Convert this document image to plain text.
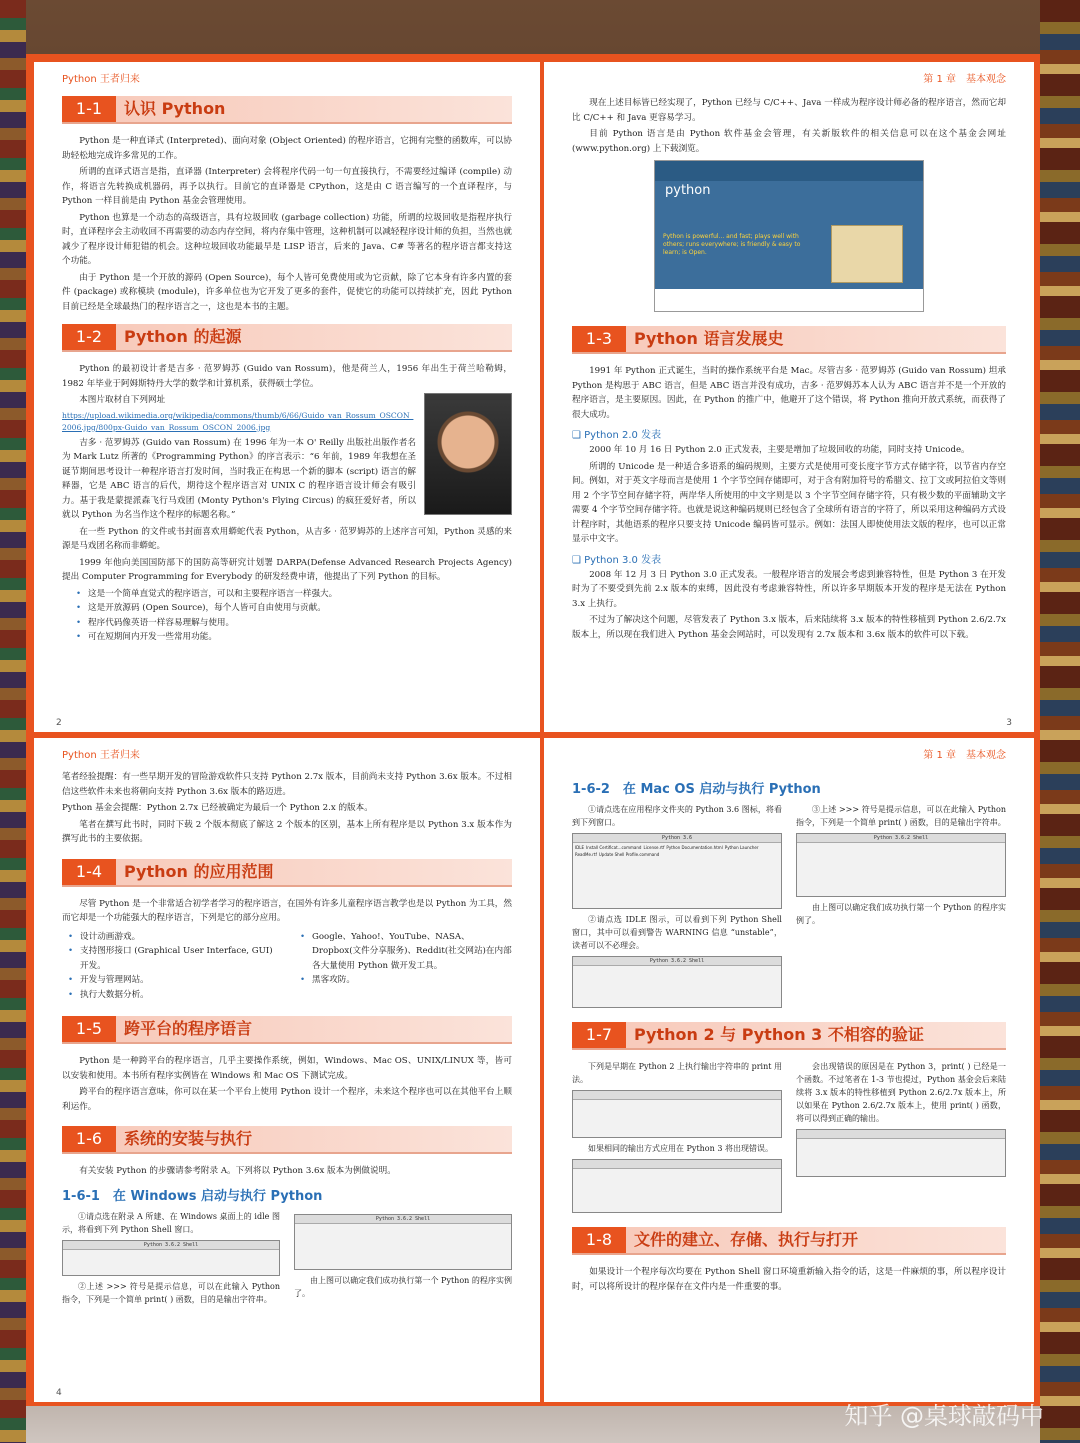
Python 王者归来
1-1	认识 Python

Python 是一种直译式 (Interpreted)、面向对象 (Object Oriented) 的程序语言，它拥有完整的函数库，可以协助轻松地完成许多常见的工作。

所谓的直译式语言是指，直译器 (Interpreter) 会将程序代码一句一句直接执行，不需要经过编译 (compile) 动作，将语言先转换成机器码，再予以执行。目前它的直译器是 CPython，这是由 C 语言编写的一个直译程序，与 Python 一样目前是由 Python 基金会管理使用。

Python 也算是一个动态的高级语言，具有垃圾回收 (garbage collection) 功能，所谓的垃圾回收是指程序执行时，直译程序会主动收回不再需要的动态内存空间，将内存集中管理，这种机制可以减轻程序设计师的负担，当然也就减少了程序设计师犯错的机会。这种垃圾回收功能最早是 LISP 语言，后来的 Java、C# 等著名的程序语言都支持这个功能。

由于 Python 是一个开放的源码 (Open Source)，每个人皆可免费使用或为它贡献，除了它本身有许多内置的套件 (package) 或称模块 (module)，许多单位也为它开发了更多的套件，促使它的功能可以持续扩充，因此 Python 目前已经是全球最热门的程序语言之一，这也是本书的主题。

1-2	Python 的起源

Python 的最初设计者是吉多 · 范罗姆苏 (Guido van Rossum)，他是荷兰人，1956 年出生于荷兰哈勒姆，1982 年毕业于阿姆斯特丹大学的数学和计算机系，获得硕士学位。

本图片取材自下列网址

https://upload.wikimedia.org/wikipedia/commons/thumb/6/66/Guido_van_Rossum_OSCON_2006.jpg/800px-Guido_van_Rossum_OSCON_2006.jpg

吉多 · 范罗姆苏 (Guido van Rossum) 在 1996 年为一本 O' Reilly 出版社出版作者名为 Mark Lutz 所著的《Programming Python》的序言表示：“6 年前，1989 年我想在圣诞节期间思考设计一种程序语言打发时间，当时我正在构思一个新的脚本 (script) 语言的解释器，它是 ABC 语言的后代，期待这个程序语言对 UNIX C 的程序语言设计师会有吸引力。基于我是蒙提派森飞行马戏团 (Monty Python's Flying Circus) 的疯狂爱好者，所以就以 Python 为名当作这个程序的标题名称。”

在一些 Python 的文件或书封面喜欢用蟒蛇代表 Python，从吉多 · 范罗姆苏的上述序言可知，Python 灵感的来源是马戏团名称而非蟒蛇。

1999 年他向美国国防部下的国防高等研究计划署 DARPA(Defense Advanced Research Projects Agency) 提出 Computer Programming for Everybody 的研发经费申请，他提出了下列 Python 的目标。

• 这是一个简单直觉式的程序语言，可以和主要程序语言一样强大。
• 这是开放源码 (Open Source)，每个人皆可自由使用与贡献。
• 程序代码像英语一样容易理解与使用。
• 可在短期间内开发一些常用功能。
2
第 1 章　基本观念

现在上述目标皆已经实现了，Python 已经与 C/C++、Java 一样成为程序设计师必备的程序语言，然而它却比 C/C++ 和 Java 更容易学习。

目前 Python 语言是由 Python 软件基金会管理，有关新版软件的相关信息可以在这个基金会网址 (www.python.org) 上下载浏览。

Python is powerful... and fast; plays well with others; runs everywhere; is friendly & easy to learn; is Open.
python
1-3	Python 语言发展史

1991 年 Python 正式诞生，当时的操作系统平台是 Mac。尽管吉多 · 范罗姆苏 (Guido van Rossum) 坦承 Python 是构思于 ABC 语言，但是 ABC 语言并没有成功，吉多 · 范罗姆苏本人认为 ABC 语言并不是一个开放的程序语言，是主要原因。因此，在 Python 的推广中，他避开了这个错误，将 Python 推向开放式系统，而获得了很大成功。

❑ Python 2.0 发表

2000 年 10 月 16 日 Python 2.0 正式发表，主要是增加了垃圾回收的功能，同时支持 Unicode。

所谓的 Unicode 是一种适合多语系的编码规则，主要方式是使用可变长度字节方式存储字符，以节省内存空间。例如，对于英文字母而言是使用 1 个字节空间存储即可，对于含有附加符号的希腊文、拉丁文或阿拉伯文等则用 2 个字节空间存储字符，两岸华人所使用的中文字则是以 3 个字节空间存储字符，只有极少数的平面辅助文字需要 4 个字节空间存储字符。也就是说这种编码规则已经包含了全球所有语言的字符了，所以采用这种编码方式设计程序时，其他语系的程序只要支持 Unicode 编码皆可显示。例如：法国人即使使用法文版的程序，也可以正常显示中文字。

❑ Python 3.0 发表

2008 年 12 月 3 日 Python 3.0 正式发表。一般程序语言的发展会考虑到兼容特性，但是 Python 3 在开发时为了不要受到先前 2.x 版本的束缚，因此没有考虑兼容特性，所以许多早期版本开发的程序是无法在 Python 3.x 上执行。

不过为了解决这个问题，尽管发表了 Python 3.x 版本，后来陆续将 3.x 版本的特性移植到 Python 2.6/2.7x 版本上，所以现在我们进入 Python 基金会网站时，可以发现有 2.7x 版本和 3.6x 版本的软件可以下载。

3
Python 王者归来

笔者经验提醒：有一些早期开发的冒险游戏软件只支持 Python 2.7x 版本，目前尚未支持 Python 3.6x 版本。不过相信这些软件未来也将朝向支持 Python 3.6x 版本的路迈进。

Python 基金会提醒：Python 2.7x 已经被确定为最后一个 Python 2.x 的版本。

笔者在撰写此书时，同时下载 2 个版本彻底了解这 2 个版本的区别，基本上所有程序是以 Python 3.x 版本作为撰写此书的主要依据。

1-4	Python 的应用范围

尽管 Python 是一个非常适合初学者学习的程序语言，在国外有许多儿童程序语言教学也是以 Python 为工具，然而它却是一个功能强大的程序语言，下列是它的部分应用。

• 设计动画游戏。
• 支持图形接口 (Graphical User Interface, GUI) 开发。
• 开发与管理网站。
• 执行大数据分析。
• Google、Yahoo!、YouTube、NASA、Dropbox(文件分享服务)、Reddit(社交网站)在内部各大量使用 Python 做开发工具。
• 黑客攻防。
1-5	跨平台的程序语言

Python 是一种跨平台的程序语言，几乎主要操作系统，例如，Windows、Mac OS、UNIX/LINUX 等，皆可以安装和使用。本书所有程序实例皆在 Windows 和 Mac OS 下测试完成。

跨平台的程序语言意味，你可以在某一个平台上使用 Python 设计一个程序，未来这个程序也可以在其他平台上顺利运作。

1-6	系统的安装与执行

有关安装 Python 的步骤请参考附录 A。下列将以 Python 3.6x 版本为例做说明。

1-6-1　在 Windows 启动与执行 Python

①请点选在附录 A 所建、在 Windows 桌面上的 idle 图示，将看到下列 Python Shell 窗口。

Python 3.6.2 Shell

②上述 >>> 符号是提示信息，可以在此输入 Python 指令，下列是一个简单 print( ) 函数，目的是输出字符串。

Python 3.6.2 Shell

由上图可以确定我们成功执行第一个 Python 的程序实例了。

4
第 1 章　基本观念
1-6-2　在 Mac OS 启动与执行 Python

①请点选在应用程序文件夹的 Python 3.6 图标，将看到下列窗口。

Python 3.6
IDLE Install Certificat...command License.rtf Python Documentation.html Python Launcher
ReadMe.rtf Update Shell Profile.command

②请点选 IDLE 图示，可以看到下列 Python Shell 窗口，其中可以看到警告 WARNING 信息 “unstable”，读者可以不必理会。

Python 3.6.2 Shell

③上述 >>> 符号是提示信息，可以在此输入 Python 指令，下列是一个简单 print( ) 函数，目的是输出字符串。

Python 3.6.2 Shell

由上图可以确定我们成功执行第一个 Python 的程序实例了。

1-7	Python 2 与 Python 3 不相容的验证

下列是早期在 Python 2 上执行输出字符串的 print 用法。

如果相同的输出方式应用在 Python 3 将出现错误。

会出现错误的原因是在 Python 3，print( ) 已经是一个函数。不过笔者在 1-3 节也提过，Python 基金会后来陆续将 3.x 版本的特性移植到 Python 2.6/2.7x 版本上，所以如果在 Python 2.6/2.7x 版本上，使用 print( ) 函数，将可以得到正确的输出。

1-8	文件的建立、存储、执行与打开

如果设计一个程序每次均要在 Python Shell 窗口环境重新输入指令的话，这是一件麻烦的事，所以程序设计时，可以将所设计的程序保存在文件内是一件重要的事。

知乎 @桌球敲码中
